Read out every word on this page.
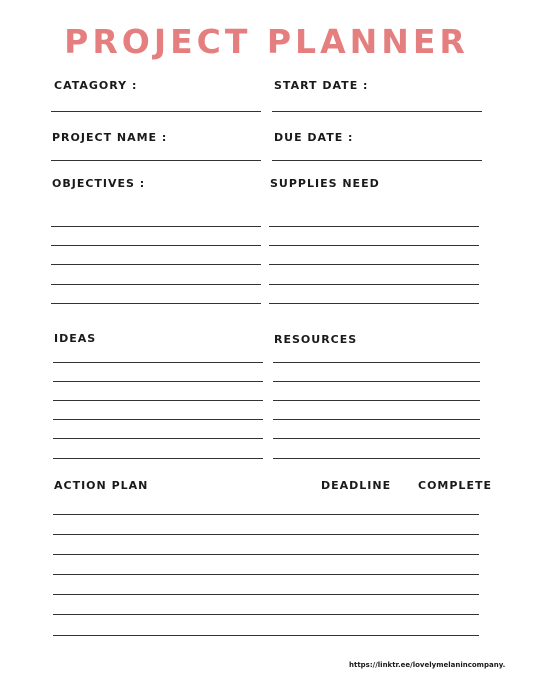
PROJECT PLANNER
CATAGORY :	START DATE :
PROJECT NAME :	DUE DATE :
OBJECTIVES :	SUPPLIES NEED
IDEAS	RESOURCES
ACTION PLAN	DEADLINE COMPLETE
https://linktr.ee/lovelymelanincompany.
